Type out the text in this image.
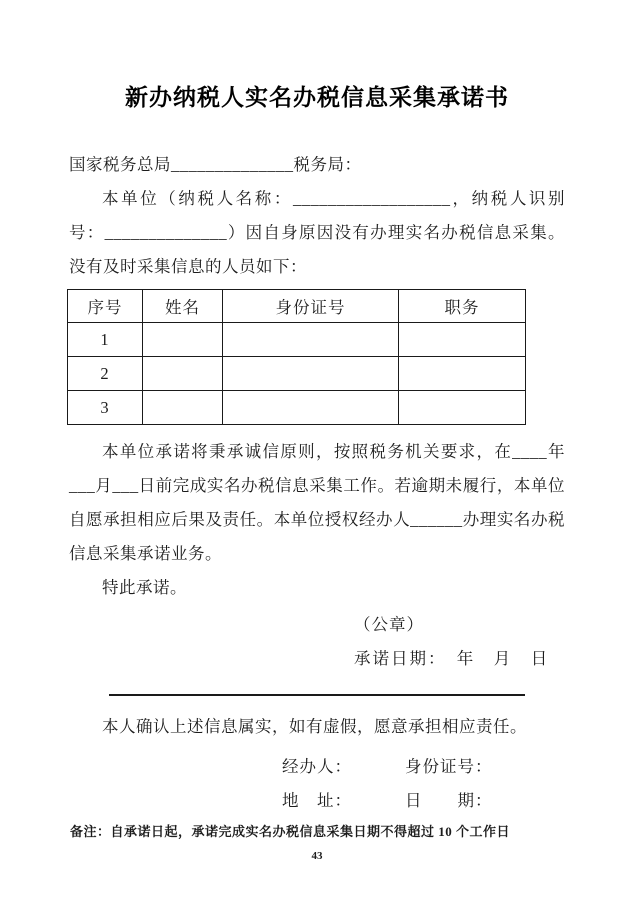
新办纳税人实名办税信息采集承诺书
国家税务总局______________税务局：

本单位（纳税人名称：__________________，纳税人识别号：______________）因自身原因没有办理实名办税信息采集。没有及时采集信息的人员如下：

序号	姓名	身份证号	职务
1			
2			
3			

本单位承诺将秉承诚信原则，按照税务机关要求，在____年___月___日前完成实名办税信息采集工作。若逾期未履行，本单位自愿承担相应后果及责任。本单位授权经办人______办理实名办税信息采集承诺业务。

特此承诺。

（公章）
承诺日期：　年　月　日

本人确认上述信息属实，如有虚假，愿意承担相应责任。

经办人：	身份证号：
地　址：	日　　期：
备注：自承诺日起，承诺完成实名办税信息采集日期不得超过 10 个工作日
43
